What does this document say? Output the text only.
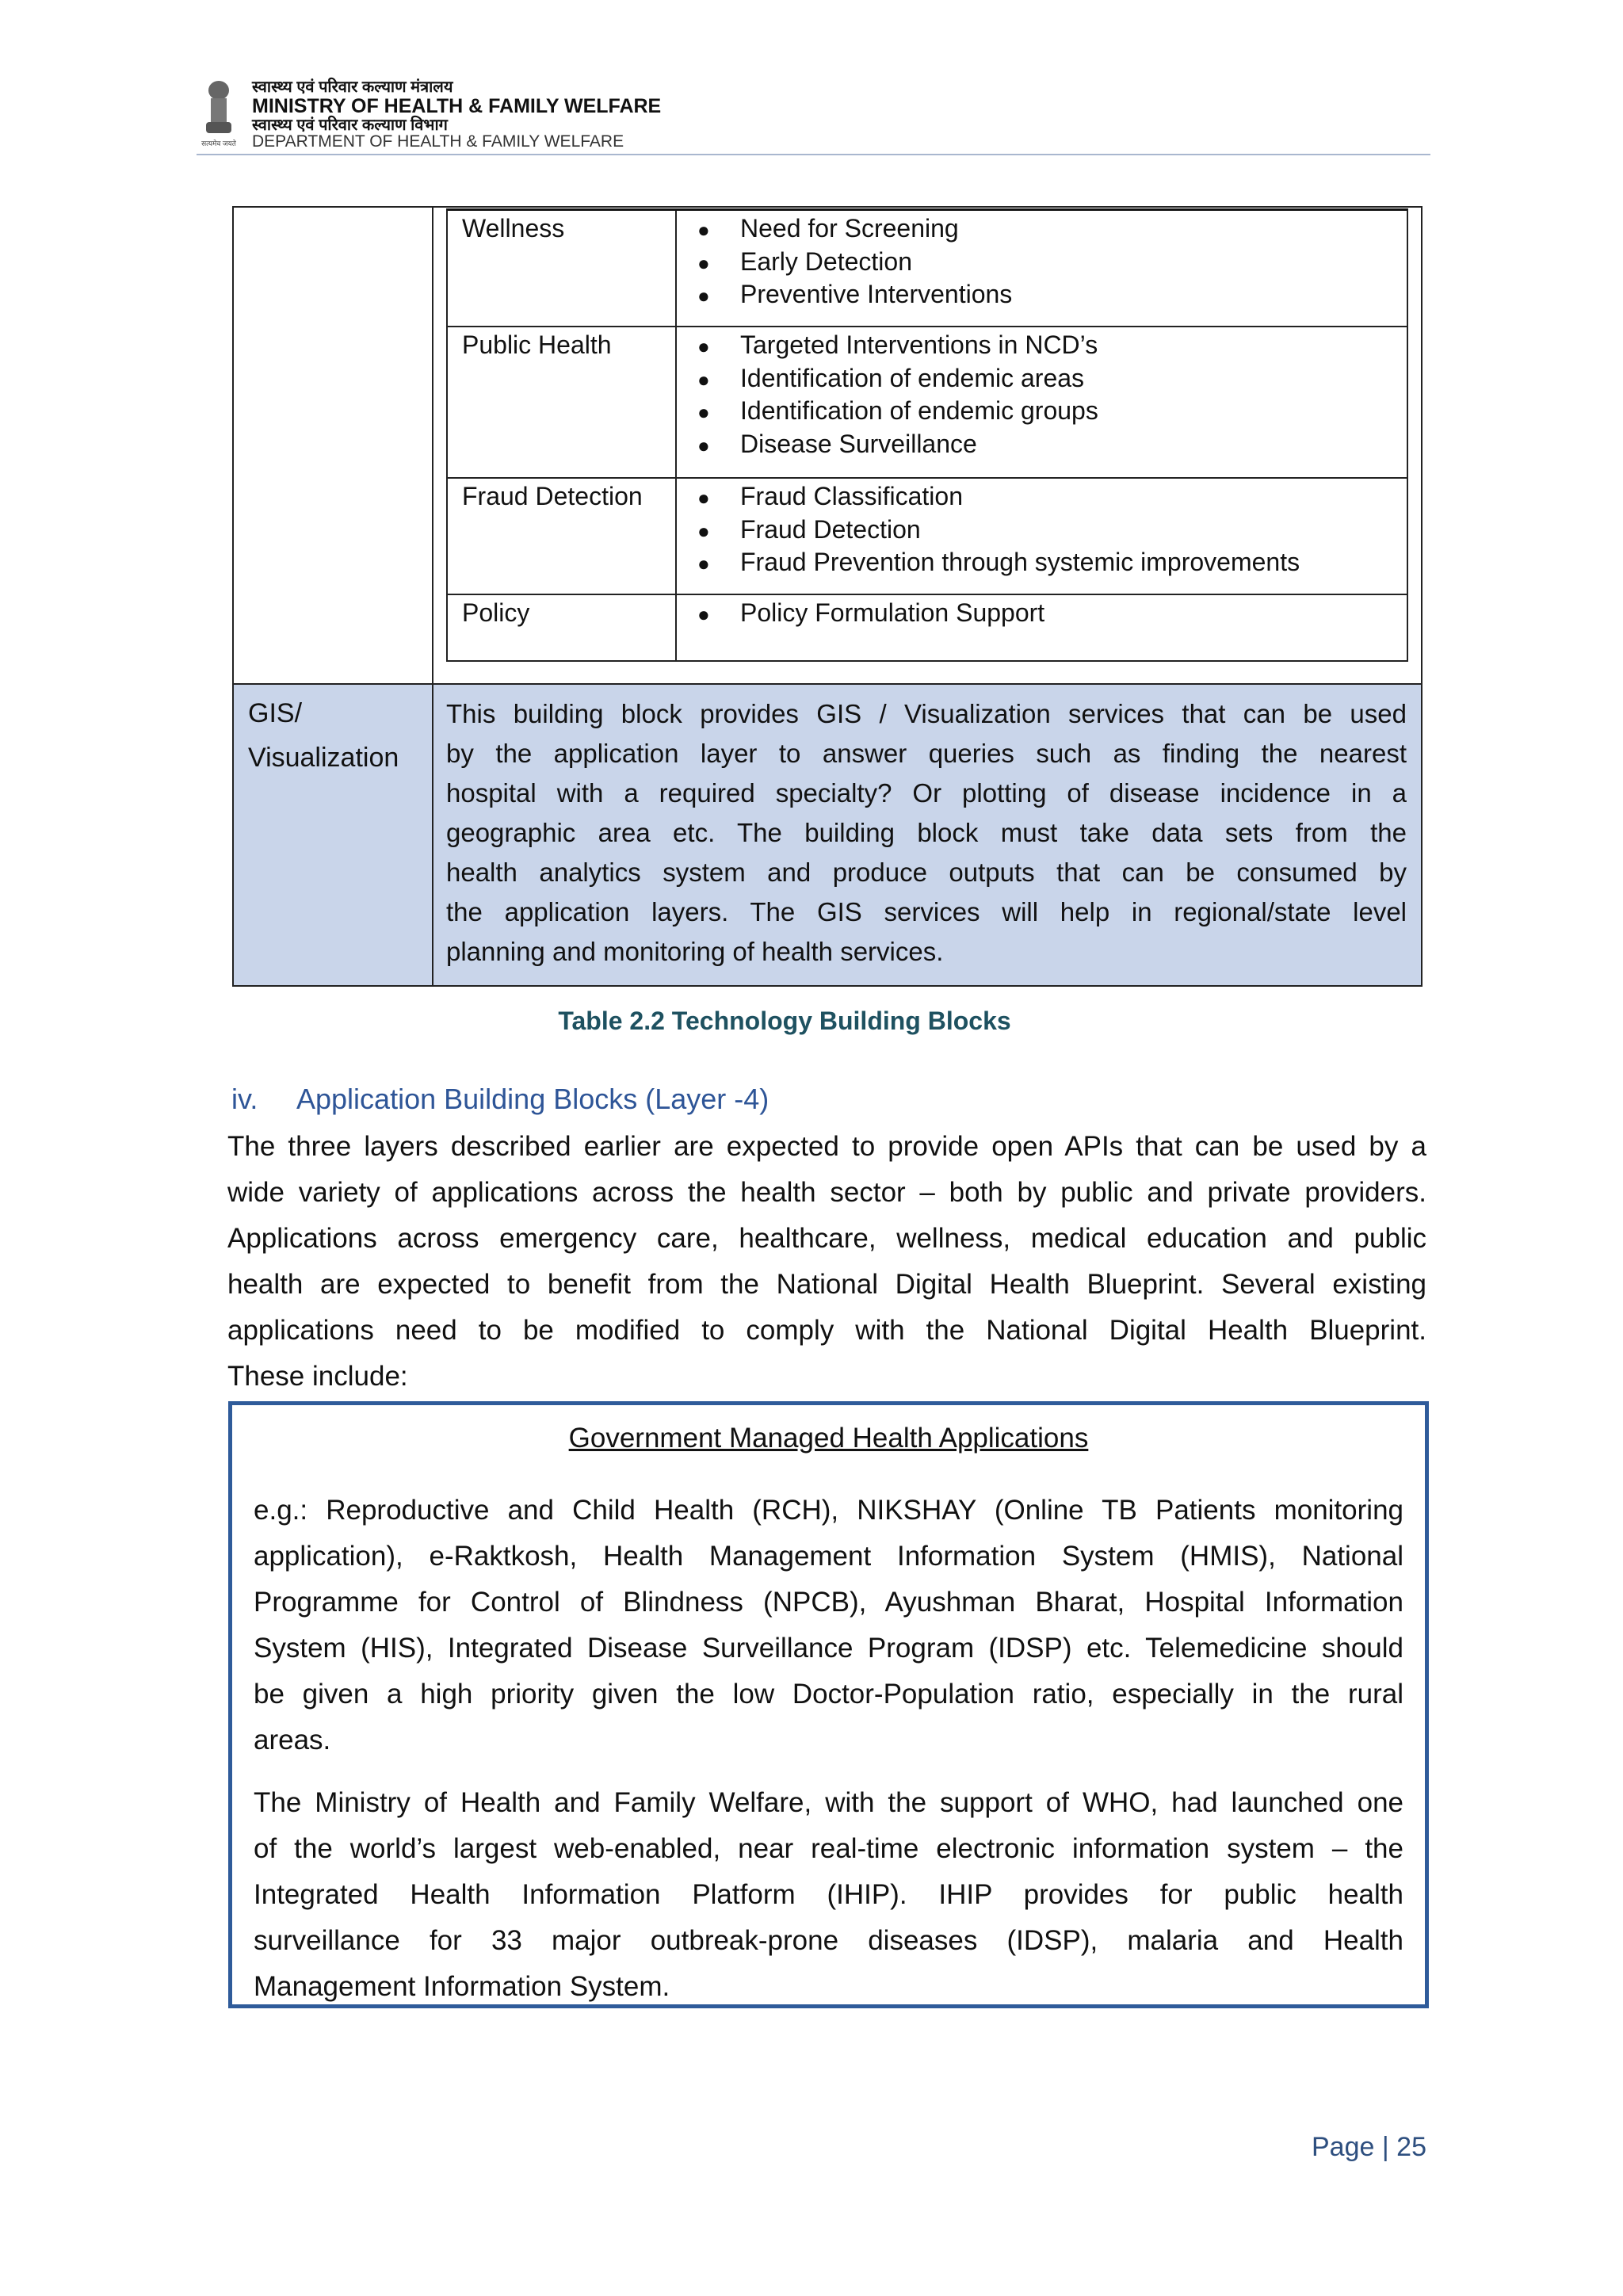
सत्यमेव जयते
स्वास्थ्य एवं परिवार कल्याण मंत्रालय
MINISTRY OF HEALTH & FAMILY WELFARE
स्वास्थ्य एवं परिवार कल्याण विभाग
DEPARTMENT OF HEALTH & FAMILY WELFARE
GIS/
Visualization
This building block provides GIS / Visualization services that can be used
by the application layer to answer queries such as finding the nearest
hospital with a required specialty? Or plotting of disease incidence in a
geographic area etc. The building block must take data sets from the
health analytics system and produce outputs that can be consumed by
the application layers. The GIS services will help in regional/state level
planning and monitoring of health services.
Wellness	● Need for Screening
● Early Detection
● Preventive Interventions
Public Health	● Targeted Interventions in NCD’s
● Identification of endemic areas
● Identification of endemic groups
● Disease Surveillance
Fraud Detection	● Fraud Classification
● Fraud Detection
● Fraud Prevention through systemic improvements
Policy	● Policy Formulation Support
Table 2.2 Technology Building Blocks
iv. Application Building Blocks (Layer -4)
The three layers described earlier are expected to provide open APIs that can be used by a
wide variety of applications across the health sector – both by public and private providers.
Applications across emergency care, healthcare, wellness, medical education and public
health are expected to benefit from the National Digital Health Blueprint. Several existing
applications need to be modified to comply with the National Digital Health Blueprint.
These include:
Government Managed Health Applications
e.g.: Reproductive and Child Health (RCH), NIKSHAY (Online TB Patients monitoring
application), e-Raktkosh, Health Management Information System (HMIS), National
Programme for Control of Blindness (NPCB), Ayushman Bharat, Hospital Information
System (HIS), Integrated Disease Surveillance Program (IDSP) etc. Telemedicine should
be given a high priority given the low Doctor-Population ratio, especially in the rural
areas.
The Ministry of Health and Family Welfare, with the support of WHO, had launched one
of the world’s largest web-enabled, near real-time electronic information system – the
Integrated Health Information Platform (IHIP). IHIP provides for public health
surveillance for 33 major outbreak-prone diseases (IDSP), malaria and Health
Management Information System.
Page | 25
